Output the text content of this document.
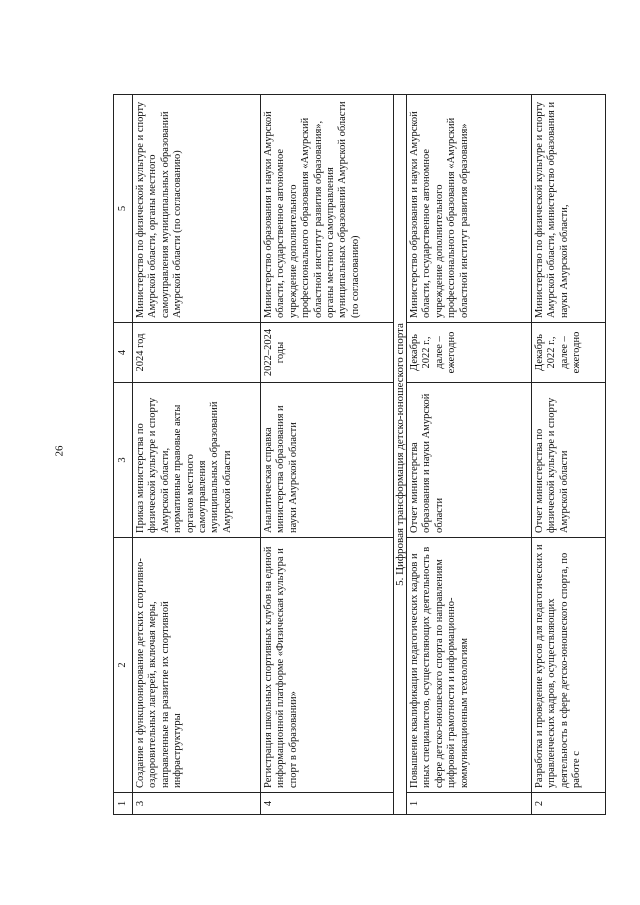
26
1	2	3	4	5
3	Создание и функционирование детских спортивно-оздоровительных лагерей, включая меры, направленные на развитие их спортивной инфраструктуры	Приказ министерства по физической культуре и спорту Амурской области, нормативные правовые акты органов местного самоуправления муниципальных образований Амурской области	2024 год	Министерство по физической культуре и спорту Амурской области, органы местного самоуправления муниципальных образований Амурской области (по согласованию)
4	Регистрация школьных спортивных клубов на единой информационной платформе «Физическая культура и спорт в образовании»	Аналитическая справка министерства образования и науки Амурской области	2022–2024 годы	Министерство образования и науки Амурской области, государственное автономное учреждение дополнительного профессионального образования «Амурский областной институт развития образования», органы местного самоуправления муниципальных образований Амурской области (по согласованию)
5. Цифровая трансформация детско-юношеского спорта				
1	Повышение квалификации педагогических кадров и иных специалистов, осуществляющих деятельность в сфере детско-юношеского спорта по направлениям цифровой грамотности и информационно-коммуникационным технологиям	Отчет министерства образования и науки Амурской области	Декабрь 2022 г., далее – ежегодно	Министерство образования и науки Амурской области, государственное автономное учреждение дополнительного профессионального образования «Амурский областной институт развития образования»
2	Разработка и проведение курсов для педагогических и управленческих кадров, осуществляющих деятельность в сфере детско-юношеского спорта, по работе с	Отчет министерства по физической культуре и спорту Амурской области	Декабрь 2022 г., далее – ежегодно	Министерство по физической культуре и спорту Амурской области, министерство образования и науки Амурской области,
